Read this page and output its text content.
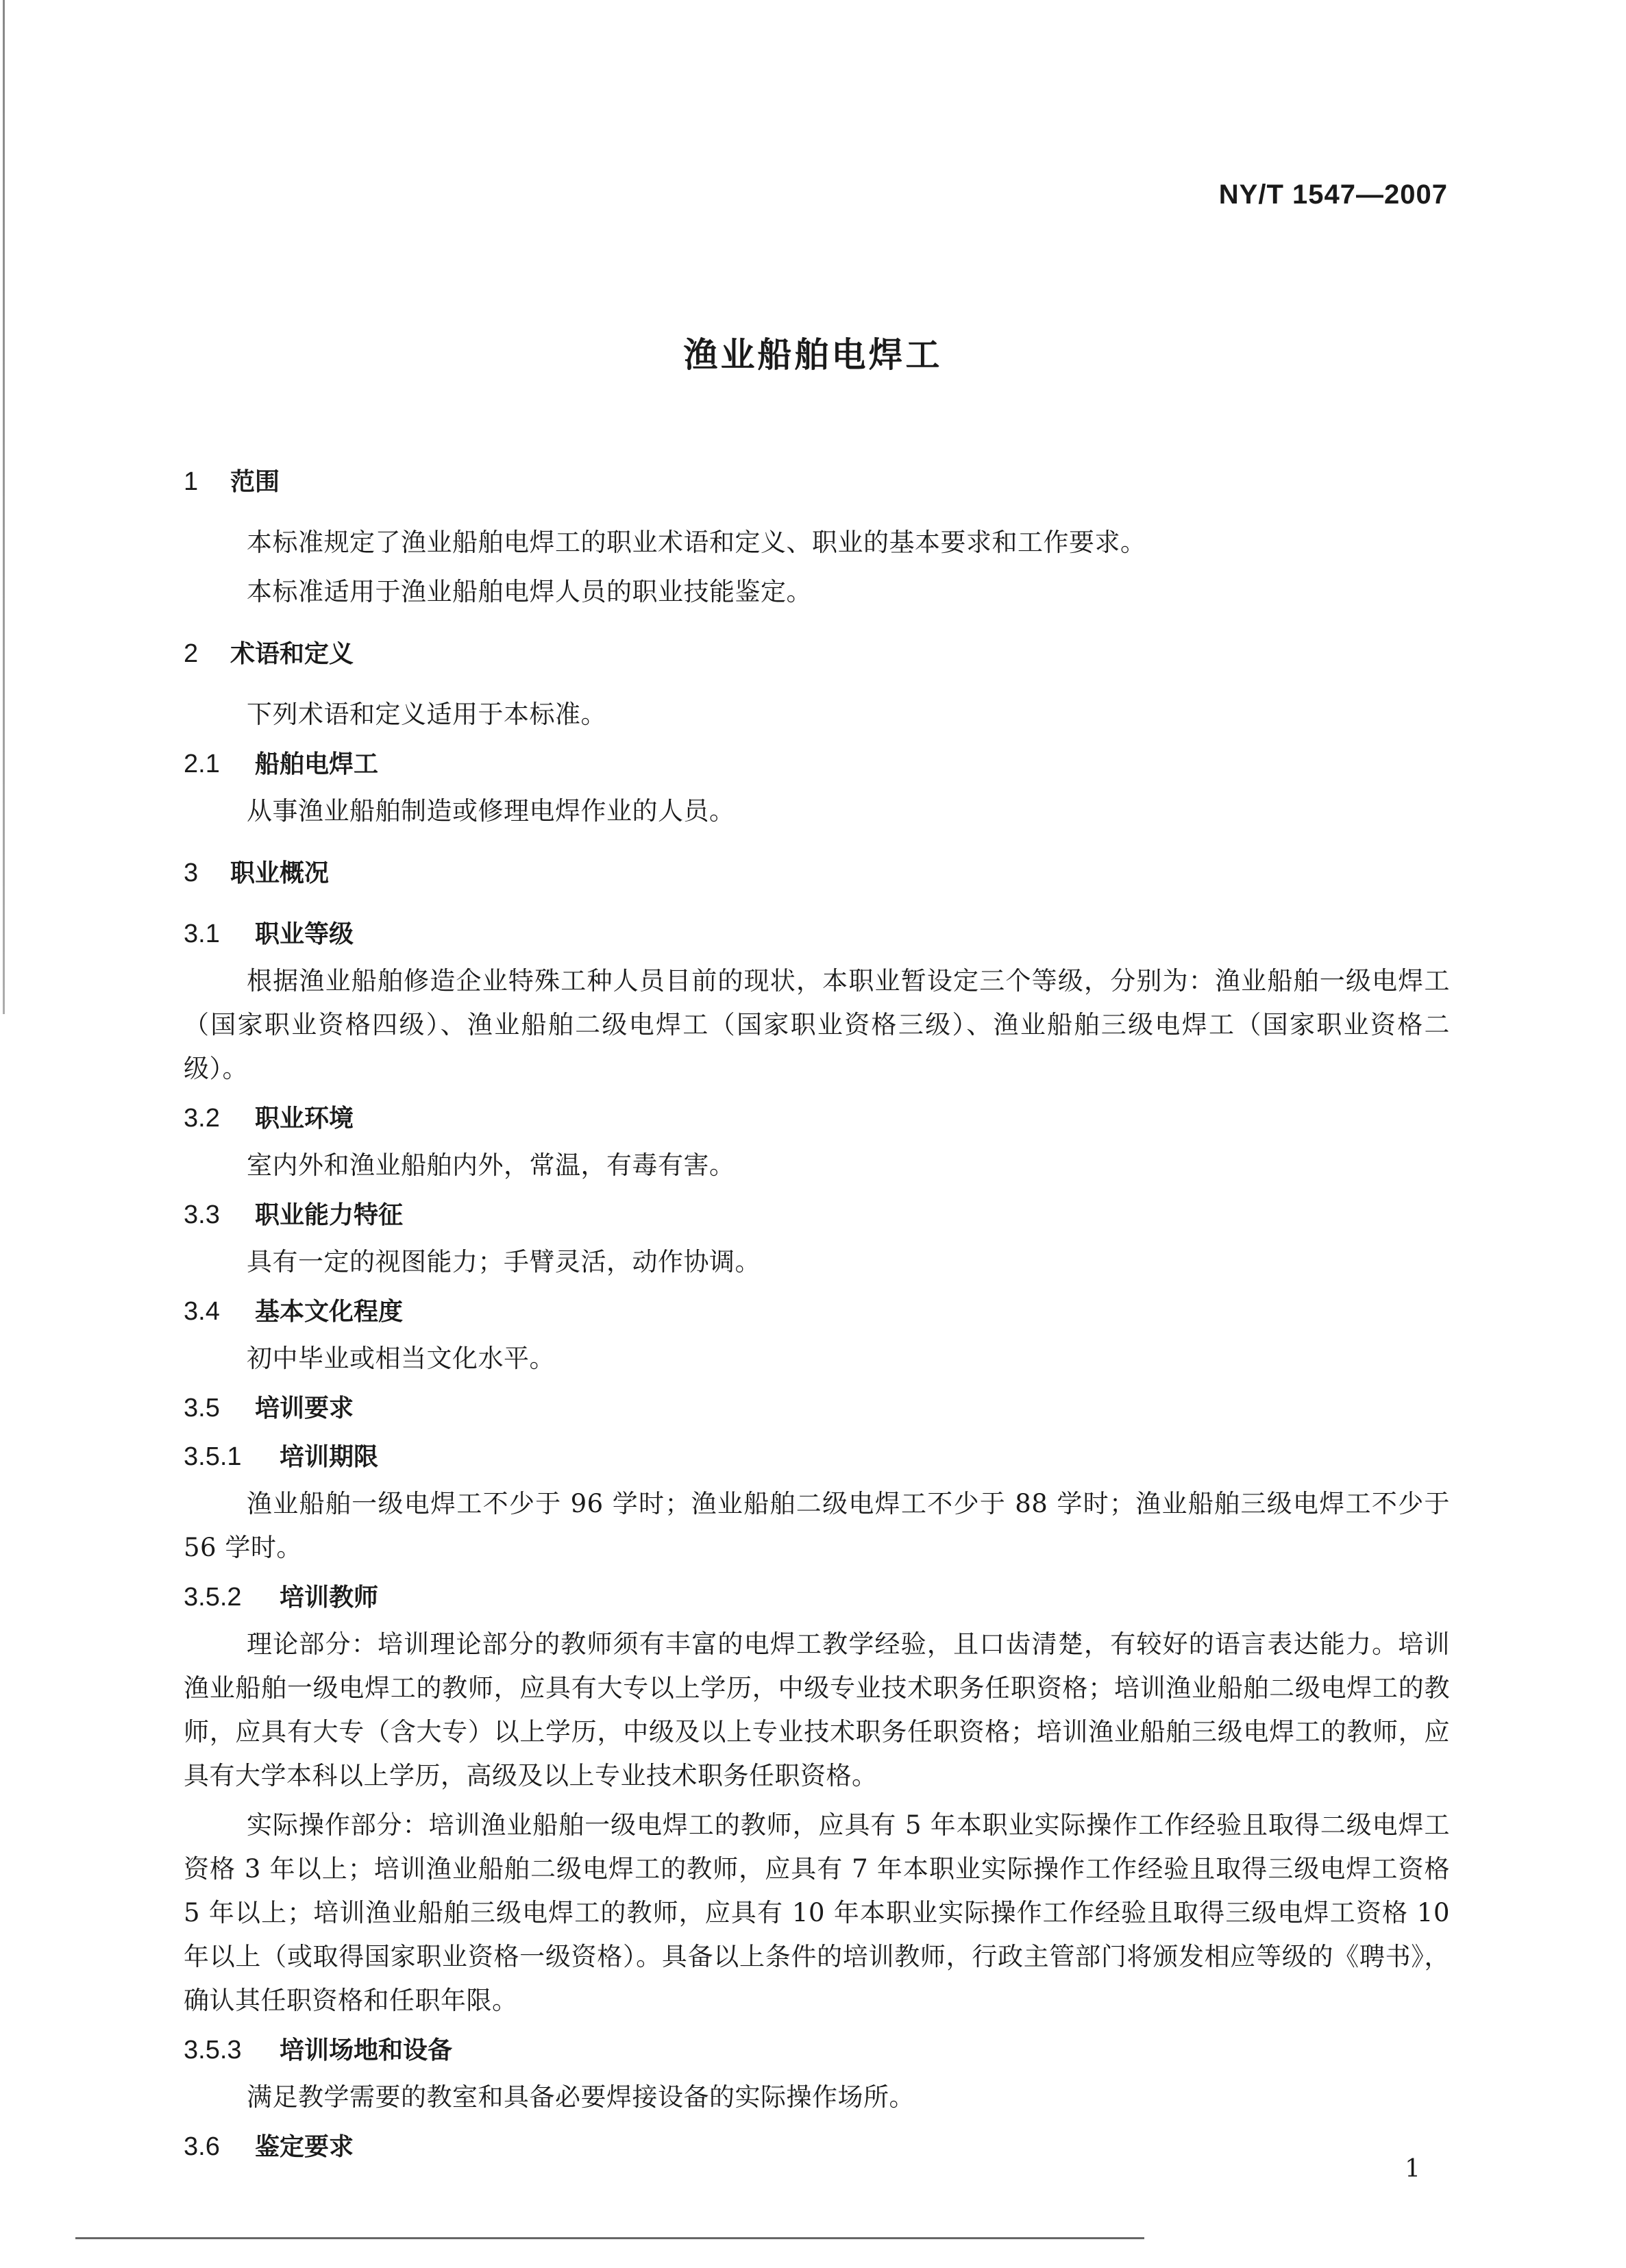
NY/T 1547—2007
渔业船舶电焊工
1	范围
本标准规定了渔业船舶电焊工的职业术语和定义、职业的基本要求和工作要求。
本标准适用于渔业船舶电焊人员的职业技能鉴定。
2	术语和定义
下列术语和定义适用于本标准。
2.1	船舶电焊工
从事渔业船舶制造或修理电焊作业的人员。
3	职业概况
3.1	职业等级
根据渔业船舶修造企业特殊工种人员目前的现状，本职业暂设定三个等级，分别为：渔业船舶一级电焊工（国家职业资格四级）、渔业船舶二级电焊工（国家职业资格三级）、渔业船舶三级电焊工（国家职业资格二级）。
3.2	职业环境
室内外和渔业船舶内外，常温，有毒有害。
3.3	职业能力特征
具有一定的视图能力；手臂灵活，动作协调。
3.4	基本文化程度
初中毕业或相当文化水平。
3.5	培训要求
3.5.1	培训期限
渔业船舶一级电焊工不少于 96 学时；渔业船舶二级电焊工不少于 88 学时；渔业船舶三级电焊工不少于 56 学时。
3.5.2	培训教师
理论部分：培训理论部分的教师须有丰富的电焊工教学经验，且口齿清楚，有较好的语言表达能力。培训渔业船舶一级电焊工的教师，应具有大专以上学历，中级专业技术职务任职资格；培训渔业船舶二级电焊工的教师，应具有大专（含大专）以上学历，中级及以上专业技术职务任职资格；培训渔业船舶三级电焊工的教师，应具有大学本科以上学历，高级及以上专业技术职务任职资格。
实际操作部分：培训渔业船舶一级电焊工的教师，应具有 5 年本职业实际操作工作经验且取得二级电焊工资格 3 年以上；培训渔业船舶二级电焊工的教师，应具有 7 年本职业实际操作工作经验且取得三级电焊工资格 5 年以上；培训渔业船舶三级电焊工的教师，应具有 10 年本职业实际操作工作经验且取得三级电焊工资格 10 年以上（或取得国家职业资格一级资格）。具备以上条件的培训教师，行政主管部门将颁发相应等级的《聘书》，确认其任职资格和任职年限。
3.5.3	培训场地和设备
满足教学需要的教室和具备必要焊接设备的实际操作场所。
3.6	鉴定要求
1
